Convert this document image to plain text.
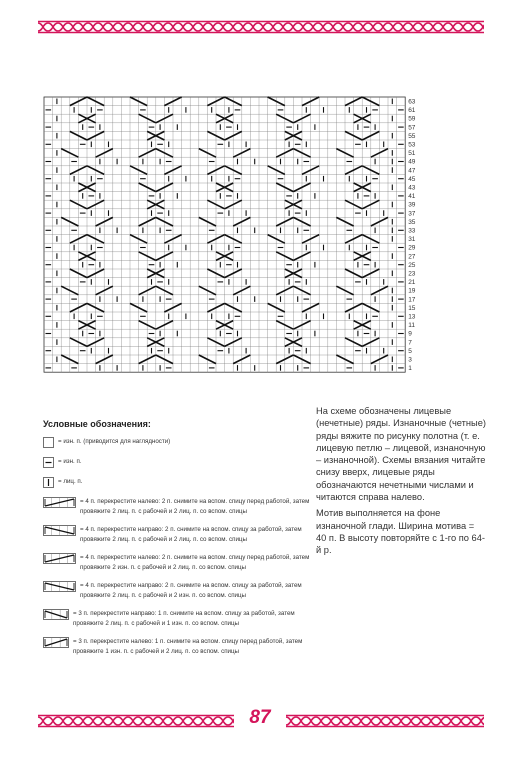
87
63
61
59
57
55
53
51
49
47
45
43
41
39
37
35
33
31
29
27
25
23
21
19
17
15
13
11
9
7
5
3
1
Условные обозначения:
= изн. п. (приводится для наглядности)
= изн. п.
= лиц. п.
= 4 п. перекрестите налево: 2 п. снимите на вспом. спицу перед работой, затем провяжите 2 лиц. п. с рабочей и 2 лиц. п. со вспом. спицы
= 4 п. перекрестите направо: 2 п. снимите на вспом. спицу за работой, затем провяжите 2 лиц. п. с рабочей и 2 лиц. п. со вспом. спицы
= 4 п. перекрестите налево: 2 п. снимите на вспом. спицу перед работой, затем провяжите 2 изн. п. с рабочей и 2 лиц. п. со вспом. спицы
= 4 п. перекрестите направо: 2 п. снимите на вспом. спицу за работой, затем провяжите 2 лиц. п. с рабочей и 2 изн. п. со вспом. спицы
= 3 п. перекрестите направо: 1 п. снимите на вспом. спицу за работой, затем провяжите 2 лиц. п. с рабочей и 1 изн. п. со вспом. спицы
= 3 п. перекрестите налево: 1 п. снимите на вспом. спицу перед работой, затем провяжите 1 изн. п. с рабочей и 2 лиц. п. со вспом. спицы

На схеме обозначены лицевые (нечетные) ряды. Изнаночные (четные) ряды вяжите по рисунку полотна (т. е. лицевую петлю – лицевой, изнаночную – изнаночной). Схемы вязания читайте снизу вверх, лицевые ряды обозначаются нечетными числами и читаются справа налево.

Мотив выполняется на фоне изнаночной глади. Ширина мотива = 40 п. В высоту повторяйте с 1-го по 64-й р.
